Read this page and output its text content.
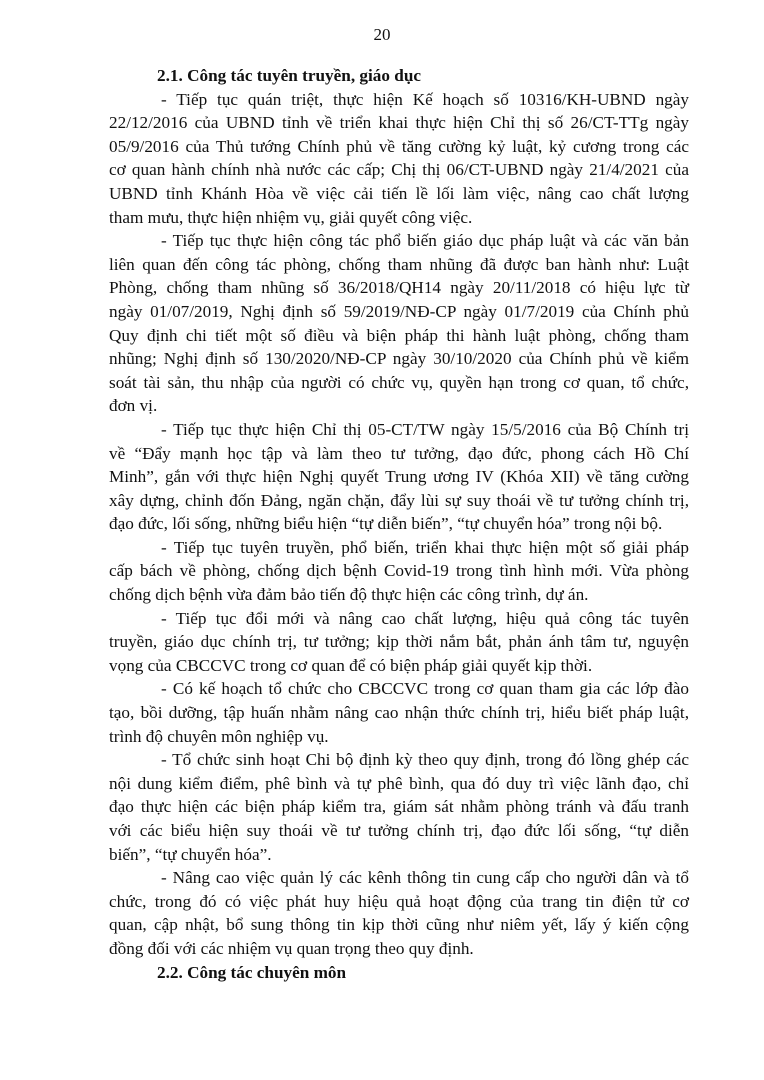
20
2.1. Công tác tuyên truyền, giáo dục
- Tiếp tục quán triệt, thực hiện Kế hoạch số 10316/KH-UBND ngày
22/12/2016 của UBND tỉnh về triển khai thực hiện Chỉ thị số 26/CT-TTg ngày
05/9/2016 của Thủ tướng Chính phủ về tăng cường kỷ luật, kỷ cương trong các
cơ quan hành chính nhà nước các cấp; Chị thị 06/CT-UBND ngày 21/4/2021 của
UBND tỉnh Khánh Hòa về việc cải tiến lề lối làm việc, nâng cao chất lượng
tham mưu, thực hiện nhiệm vụ, giải quyết công việc.
- Tiếp tục thực hiện công tác phổ biến giáo dục pháp luật và các văn bản
liên quan đến công tác phòng, chống tham nhũng đã được ban hành như: Luật
Phòng, chống tham nhũng số 36/2018/QH14 ngày 20/11/2018 có hiệu lực từ
ngày 01/07/2019, Nghị định số 59/2019/NĐ-CP ngày 01/7/2019 của Chính phủ
Quy định chi tiết một số điều và biện pháp thi hành luật phòng, chống tham
nhũng; Nghị định số 130/2020/NĐ-CP ngày 30/10/2020 của Chính phủ về kiểm
soát tài sản, thu nhập của người có chức vụ, quyền hạn trong cơ quan, tổ chức,
đơn vị.
- Tiếp tục thực hiện Chỉ thị 05-CT/TW ngày 15/5/2016 của Bộ Chính trị
về “Đẩy mạnh học tập và làm theo tư tưởng, đạo đức, phong cách Hồ Chí
Minh”, gắn với thực hiện Nghị quyết Trung ương IV (Khóa XII) về tăng cường
xây dựng, chỉnh đốn Đảng, ngăn chặn, đẩy lùi sự suy thoái về tư tưởng chính trị,
đạo đức, lối sống, những biểu hiện “tự diễn biến”, “tự chuyển hóa” trong nội bộ.
- Tiếp tục tuyên truyền, phổ biến, triển khai thực hiện một số giải pháp
cấp bách về phòng, chống dịch bệnh Covid-19 trong tình hình mới. Vừa phòng
chống dịch bệnh vừa đảm bảo tiến độ thực hiện các công trình, dự án.
- Tiếp tục đổi mới và nâng cao chất lượng, hiệu quả công tác tuyên
truyền, giáo dục chính trị, tư tưởng; kịp thời nắm bắt, phản ánh tâm tư, nguyện
vọng của CBCCVC trong cơ quan để có biện pháp giải quyết kịp thời.
- Có kế hoạch tổ chức cho CBCCVC trong cơ quan tham gia các lớp đào
tạo, bồi dưỡng, tập huấn nhằm nâng cao nhận thức chính trị, hiểu biết pháp luật,
trình độ chuyên môn nghiệp vụ.
- Tổ chức sinh hoạt Chi bộ định kỳ theo quy định, trong đó lồng ghép các
nội dung kiểm điểm, phê bình và tự phê bình, qua đó duy trì việc lãnh đạo, chỉ
đạo thực hiện các biện pháp kiểm tra, giám sát nhằm phòng tránh và đấu tranh
với các biểu hiện suy thoái về tư tưởng chính trị, đạo đức lối sống, “tự diễn
biến”, “tự chuyển hóa”.
- Nâng cao việc quản lý các kênh thông tin cung cấp cho người dân và tổ
chức, trong đó có việc phát huy hiệu quả hoạt động của trang tin điện tử cơ
quan, cập nhật, bổ sung thông tin kịp thời cũng như niêm yết, lấy ý kiến cộng
đồng đối với các nhiệm vụ quan trọng theo quy định.
2.2. Công tác chuyên môn
